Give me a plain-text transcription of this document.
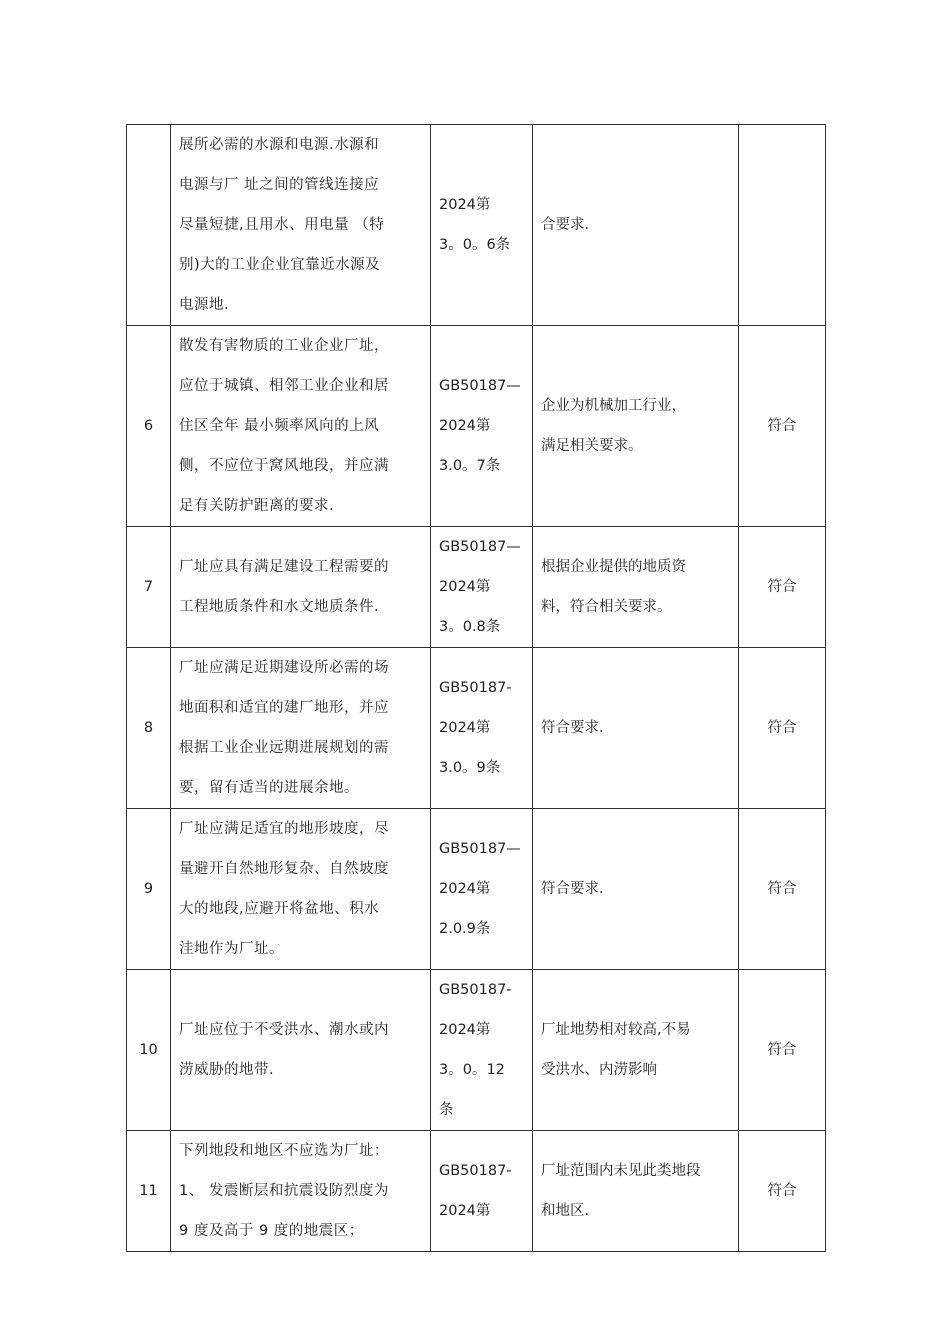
	展所必需的水源和电源.水源和
电源与厂 址之间的管线连接应
尽量短捷,且用水、用电量 （特
别)大的工业企业宜靠近水源及
电源地.	2024第
3。0。6条	合要求.	

6	散发有害物质的工业企业厂址，
应位于城镇、相邻工业企业和居
住区全年 最小频率风向的上风
侧，不应位于窝风地段，并应满
足有关防护距离的要求.	GB50187—
2024第
3.0。7条	企业为机械加工行业，
满足相关要求。	符合
7	厂址应具有满足建设工程需要的
工程地质条件和水文地质条件.	GB50187—
2024第
3。0.8条	根据企业提供的地质资
料，符合相关要求。	符合
8	厂址应满足近期建设所必需的场
地面积和适宜的建厂地形，并应
根据工业企业远期进展规划的需
要，留有适当的进展余地。	GB50187-
2024第
3.0。9条	符合要求.	符合
9	厂址应满足适宜的地形坡度，尽
量避开自然地形复杂、自然坡度
大的地段,应避开将盆地、积水
洼地作为厂址。	GB50187—
2024第
2.0.9条	符合要求.	符合
10	厂址应位于不受洪水、潮水或内
涝威胁的地带.	GB50187-
2024第
3。0。12
条	厂址地势相对较高,不易
受洪水、内涝影响	符合
11	下列地段和地区不应选为厂址：
1、 发震断层和抗震设防烈度为
9 度及高于 9 度的地震区；	GB50187-
2024第	厂址范围内未见此类地段
和地区.	符合
